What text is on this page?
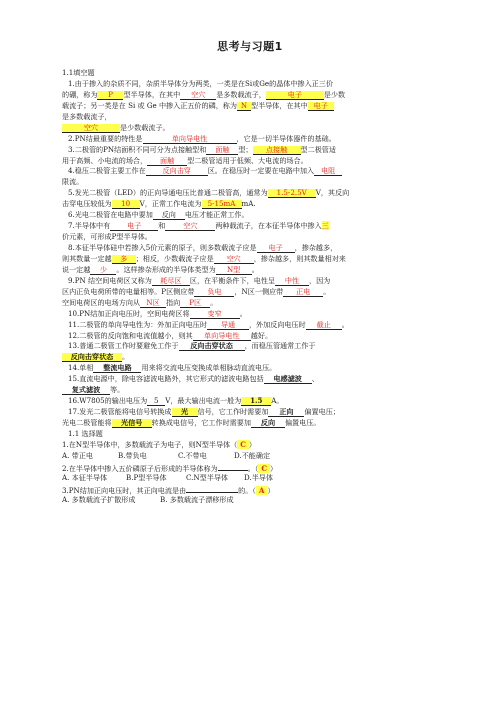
思考与习题1
1.1填空题
1.由于掺入的杂质不同，杂质半导体分为两类，一类是在Si或Ge的晶体中掺入正三价
的硼，称为 P 型半导体，在其中 空穴 是多数载流子，	电子	是少数
载流子；另一类是在 Si 或 Ge 中掺入正五价的磷，称为 N 型半导体，在其中 电子
是多数载流子，
空穴	是少数载流子。
2.PN结最重要的特性是	单向导电性	，它是一切半导体器件的基础。
3.二极管的PN结面积不同可分为点接触型和 面触 型； 点接触 型二极管适
用于高频、小电流的场合， 面触 型二极管适用于低频、大电流的场合。
4.稳压二极管主要工作在 反向击穿 区。在稳压时一定要在电路中加入 电阻
限流。
5.发光二极管（LED）的正向导通电压比普通二极管高，通常为 1.5-2.5V V，其反向
击穿电压较低为 10 V，正常工作电流为 5-15mA mA.
6.光电二极管在电路中要加 反向 电压才能正常工作。
7.半导体中有 电子 和	空穴	两种载流子，在本征半导体中掺入三
价元素，可形成P型半导体。
8.本征半导体硅中若掺入5价元素的原子，则多数载流子应是 电子 ，掺杂越多，
则其数量一定越 多 ；相反，少数载流子应是 空穴 ，掺杂越多，则其数量相对来
说一定越 少 。这样掺杂形成的半导体类型为 N型 。
9.PN 结空间电荷区又称为 耗尽区 区，在平衡条件下，电性呈 中性 ，因为
区内正负电荷所带的电量相等。P区侧应带 负电 ，N区一侧应带 正电 。
空间电荷区的电场方向从 N区 指向 P区 。
10.PN结加正向电压时，空间电荷区将	变窄	。
11.二极管的单向导电性为：外加正向电压时 导通 ，外加反向电压时 截止 。
12.二极管的反向饱和电流值越小，则其 单向导电性 越好。
13.普通二极管工作时要避免工作于 反向击穿状态 ，而稳压管通常工作于
反向击穿状态 。
14.单相 整流电路 用来将交流电压变换成单相脉动直流电压。
15.直流电源中，除电容滤波电路外，其它形式的滤波电路包括 电感滤波 、
复式滤波 等。
16.W7805的输出电压为 5 V，最大输出电流一般为 1.5 A。
17.发光二极管能将电信号转换成 光 信号，它工作时需要加 正向 偏置电压；
光电二极管能将 光信号 转换成电信号，它工作时需要加 反向 偏置电压。
1.1 选择题
1.在N型半导体中，多数载流子为电子，则N型半导体（ C ）
A. 带正电	B.带负电	C.不带电	D.不能确定
2.在半导体中掺入五价磷原子后形成的半导体称为	。（ C ）
A. 本征半导体	B.P型半导体	C.N型半导体 D.半导体
3.PN结加正向电压时，其正向电流是由	的。（ A ）
A. 多数载流子扩散形成	B. 多数载流子漂移形成
